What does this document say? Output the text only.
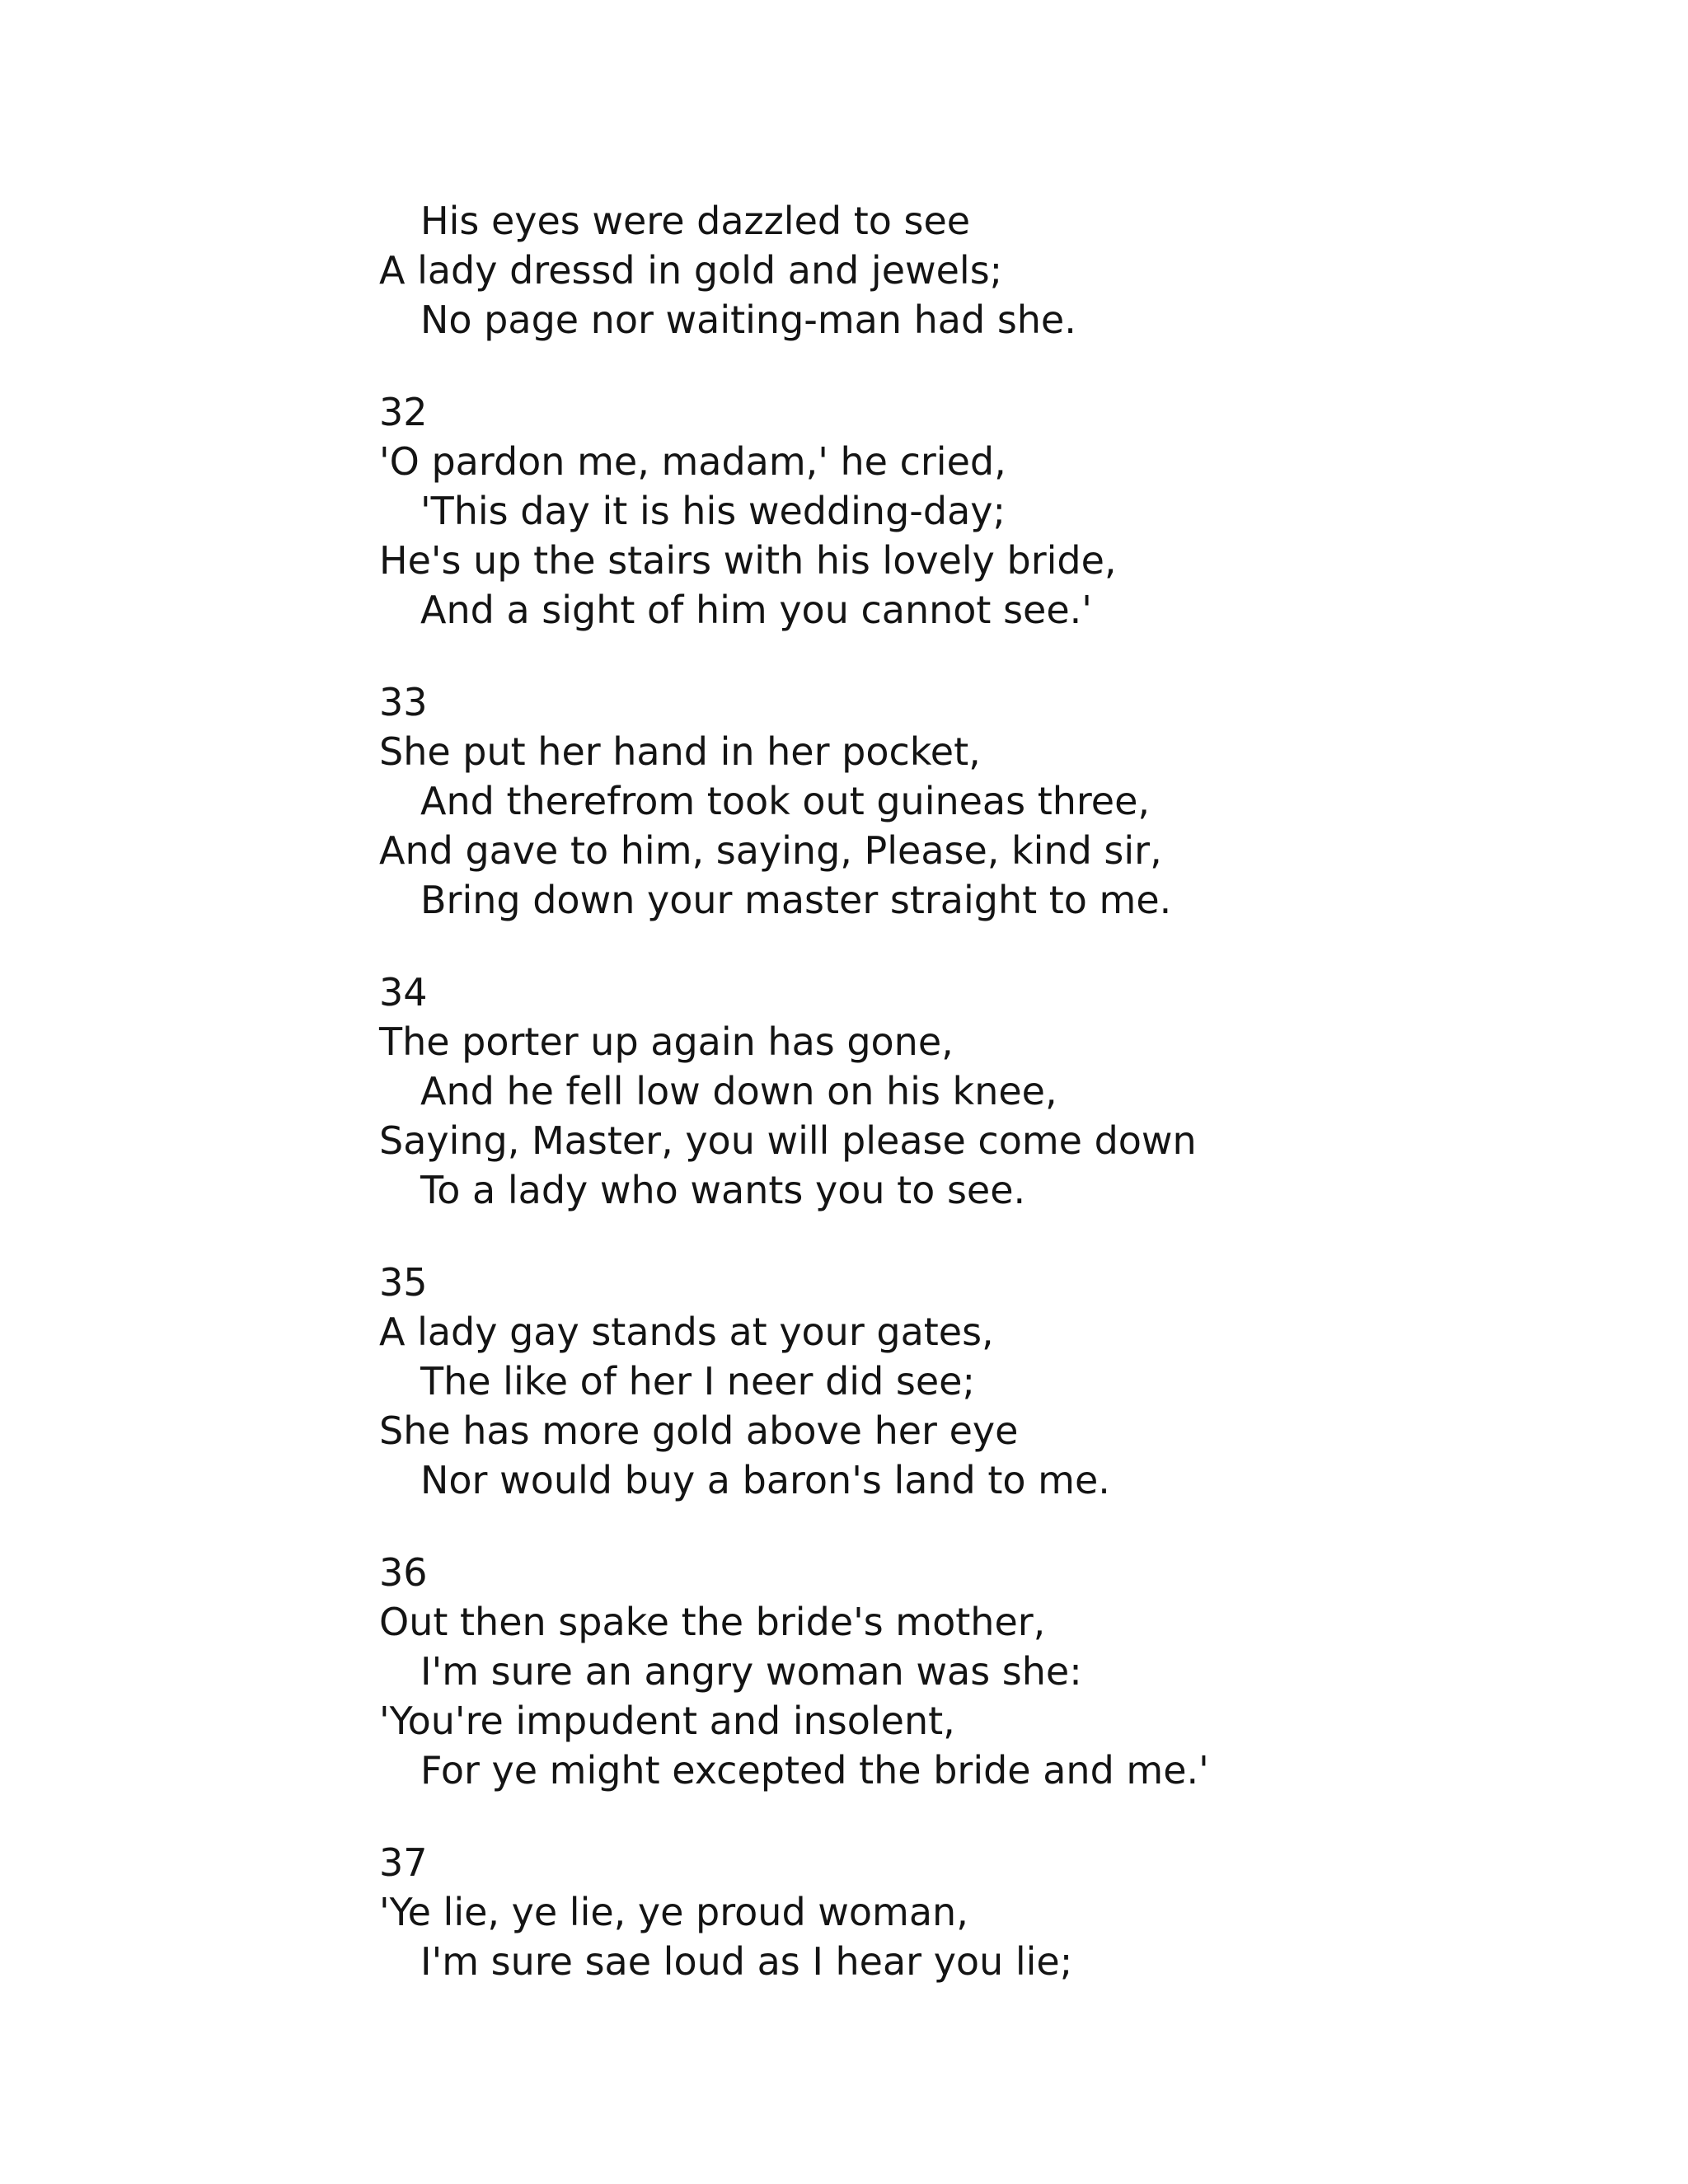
His eyes were dazzled to see
A lady dressd in gold and jewels;
No page nor waiting-man had she.
32
'O pardon me, madam,' he cried,
'This day it is his wedding-day;
He's up the stairs with his lovely bride,
And a sight of him you cannot see.'
33
She put her hand in her pocket,
And therefrom took out guineas three,
And gave to him, saying, Please, kind sir,
Bring down your master straight to me.
34
The porter up again has gone,
And he fell low down on his knee,
Saying, Master, you will please come down
To a lady who wants you to see.
35
A lady gay stands at your gates,
The like of her I neer did see;
She has more gold above her eye
Nor would buy a baron's land to me.
36
Out then spake the bride's mother,
I'm sure an angry woman was she:
'You're impudent and insolent,
For ye might excepted the bride and me.'
37
'Ye lie, ye lie, ye proud woman,
I'm sure sae loud as I hear you lie;
